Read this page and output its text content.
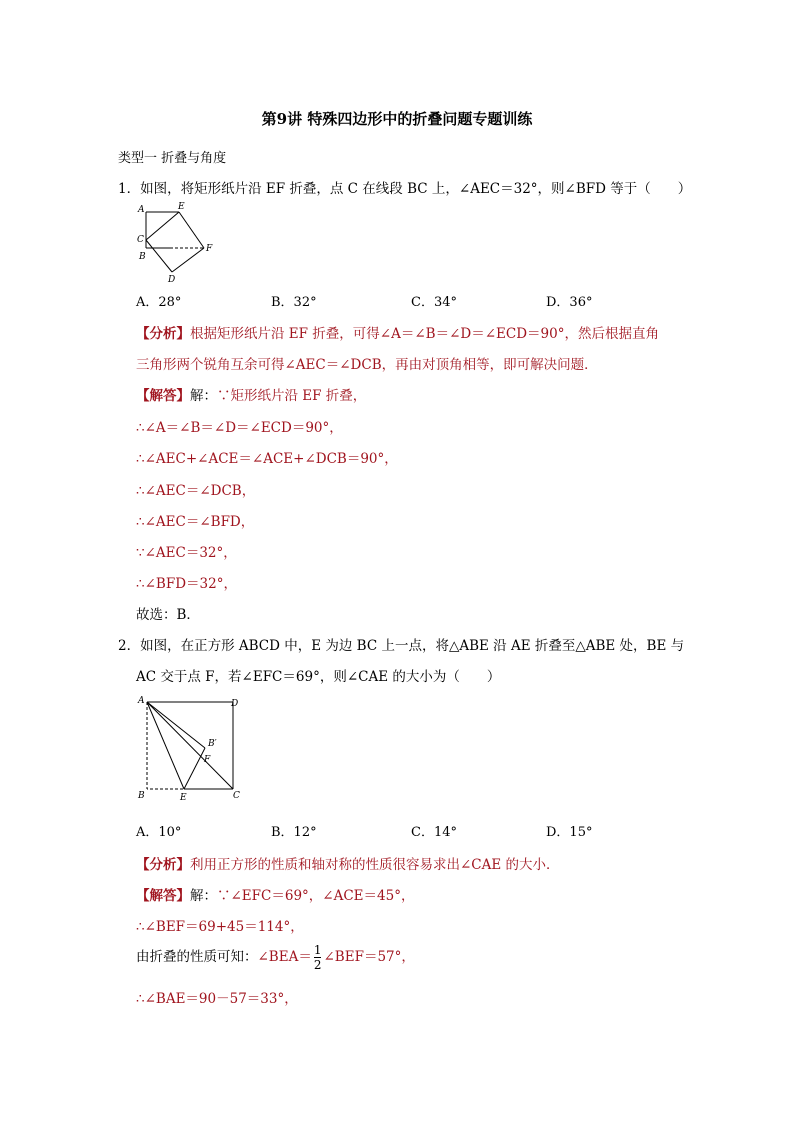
第9讲 特殊四边形中的折叠问题专题训练
类型一 折叠与角度
1．如图，将矩形纸片沿 EF 折叠，点 C 在线段 BC 上，∠AEC＝32°，则∠BFD 等于（　　）
A	E
C
F
B
D
A．28°	B．32°	C．34°	D．36°
【分析】根据矩形纸片沿 EF 折叠，可得∠A＝∠B＝∠D＝∠ECD＝90°，然后根据直角
三角形两个锐角互余可得∠AEC＝∠DCB，再由对顶角相等，即可解决问题．
【解答】解：∵矩形纸片沿 EF 折叠，
∴∠A＝∠B＝∠D＝∠ECD＝90°，
∴∠AEC+∠ACE＝∠ACE+∠DCB＝90°，
∴∠AEC＝∠DCB，
∴∠AEC＝∠BFD，
∵∠AEC＝32°，
∴∠BFD＝32°，
故选：B．
2．如图，在正方形 ABCD 中，E 为边 BC 上一点，将△ABE 沿 AE 折叠至△ABE 处，BE 与
AC 交于点 F，若∠EFC＝69°，则∠CAE 的大小为（　　）
A	D
B′
F
B	E	C
A．10°	B．12°	C．14°	D．15°
【分析】利用正方形的性质和轴对称的性质很容易求出∠CAE 的大小．
【解答】解：∵∠EFC＝69°，∠ACE＝45°，
∴∠BEF＝69+45＝114°，
由折叠的性质可知：∠BEA＝ $\frac{1}{2}$ ∠BEF＝57°，
∴∠BAE＝90－57＝33°，
